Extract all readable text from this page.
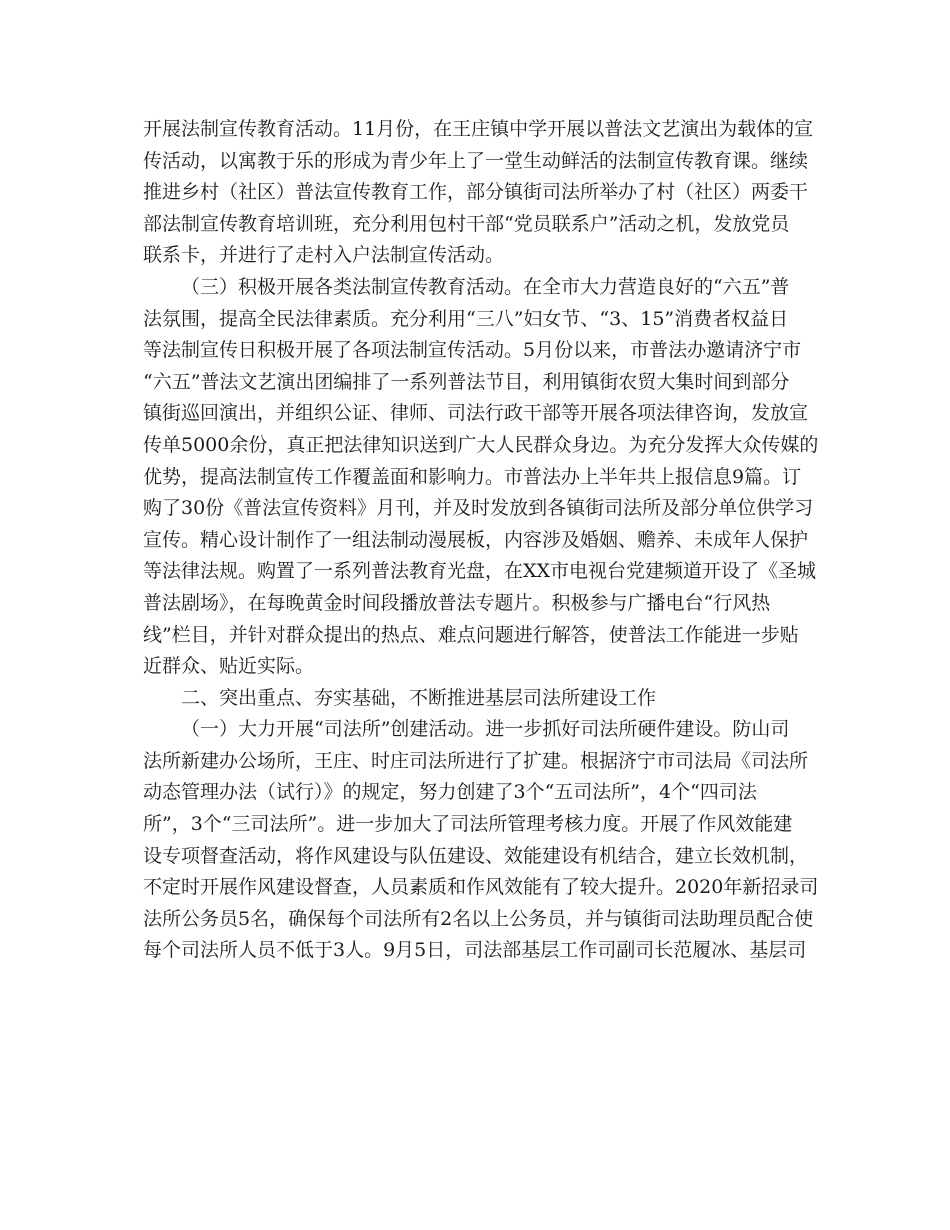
开展法制宣传教育活动。11月份，在王庄镇中学开展以普法文艺演出为载体的宣
传活动，以寓教于乐的形成为青少年上了一堂生动鲜活的法制宣传教育课。继续
推进乡村（社区）普法宣传教育工作，部分镇街司法所举办了村（社区）两委干
部法制宣传教育培训班，充分利用包村干部“党员联系户”活动之机，发放党员
联系卡，并进行了走村入户法制宣传活动。
（三）积极开展各类法制宣传教育活动。在全市大力营造良好的“六五”普
法氛围，提高全民法律素质。充分利用“三八”妇女节、“3、15”消费者权益日
等法制宣传日积极开展了各项法制宣传活动。5月份以来，市普法办邀请济宁市
“六五”普法文艺演出团编排了一系列普法节目，利用镇街农贸大集时间到部分
镇街巡回演出，并组织公证、律师、司法行政干部等开展各项法律咨询，发放宣
传单5000余份，真正把法律知识送到广大人民群众身边。为充分发挥大众传媒的
优势，提高法制宣传工作覆盖面和影响力。市普法办上半年共上报信息9篇。订
购了30份《普法宣传资料》月刊，并及时发放到各镇街司法所及部分单位供学习
宣传。精心设计制作了一组法制动漫展板，内容涉及婚姻、赡养、未成年人保护
等法律法规。购置了一系列普法教育光盘，在XX市电视台党建频道开设了《圣城
普法剧场》，在每晚黄金时间段播放普法专题片。积极参与广播电台“行风热
线”栏目，并针对群众提出的热点、难点问题进行解答，使普法工作能进一步贴
近群众、贴近实际。
二、突出重点、夯实基础，不断推进基层司法所建设工作
（一）大力开展“司法所”创建活动。进一步抓好司法所硬件建设。防山司
法所新建办公场所，王庄、时庄司法所进行了扩建。根据济宁市司法局《司法所
动态管理办法（试行）》的规定，努力创建了3个“五司法所”，4个“四司法
所”，3个“三司法所”。进一步加大了司法所管理考核力度。开展了作风效能建
设专项督查活动，将作风建设与队伍建设、效能建设有机结合，建立长效机制，
不定时开展作风建设督查，人员素质和作风效能有了较大提升。2020年新招录司
法所公务员5名，确保每个司法所有2名以上公务员，并与镇街司法助理员配合使
每个司法所人员不低于3人。9月5日，司法部基层工作司副司长范履冰、基层司
